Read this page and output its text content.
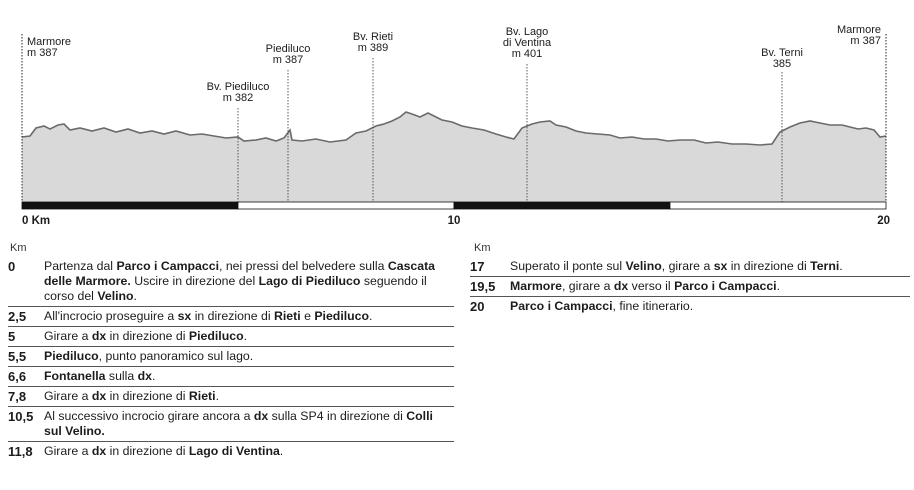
Marmore
m 387
Bv. Piediluco
m 382
Piediluco
m 387
Bv. Rieti
m 389
Bv. Lago
di Ventina
m 401	Bv. Terni
385
Marmore
m 387
0 Km	10	20
Km
0	Partenza dal Parco i Campacci, nei pressi del belvedere sulla Cascata delle Marmore. Uscire in direzione del Lago di Piediluco seguendo il corso del Velino.
2,5	All'incrocio proseguire a sx in direzione di Rieti e Piediluco.
5	Girare a dx in direzione di Piediluco.
5,5	Piediluco, punto panoramico sul lago.
6,6	Fontanella sulla dx.
7,8	Girare a dx in direzione di Rieti.
10,5 Al successivo incrocio girare ancora a dx sulla SP4 in direzione di Colli sul Velino.
11,8 Girare a dx in direzione di Lago di Ventina.
Km
17	Superato il ponte sul Velino, girare a sx in direzione di Terni.
19,5	Marmore, girare a dx verso il Parco i Campacci.
20	Parco i Campacci, fine itinerario.
